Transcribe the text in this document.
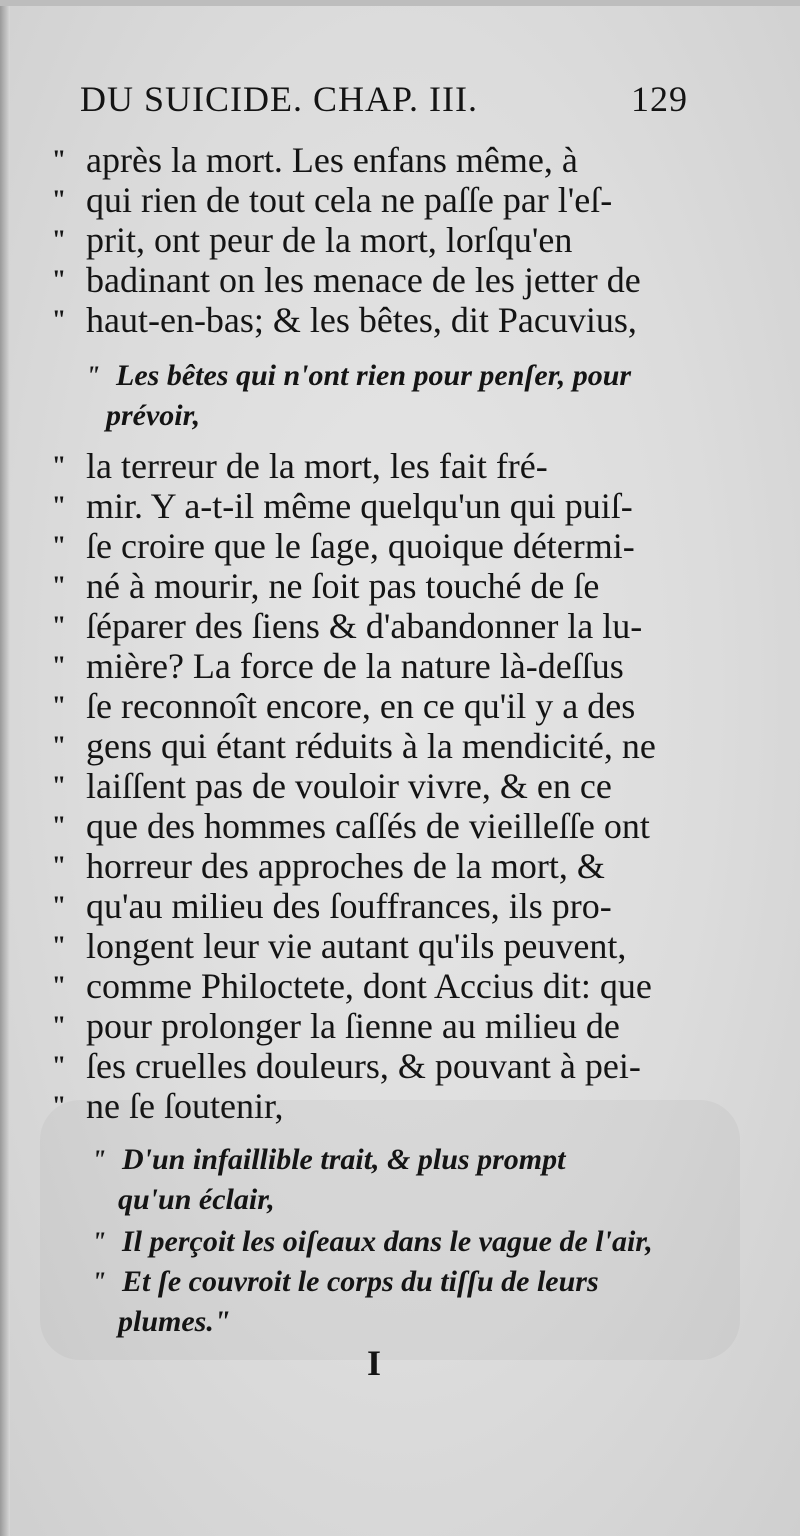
DU SUICIDE. CHAP. III.	129
" après la mort. Les enfans même, à
" qui rien de tout cela ne paſſe par l'eſ-
" prit, ont peur de la mort, lorſqu'en
" badinant on les menace de les jetter de
" haut-en-bas; & les bêtes, dit Pacuvius,
" Les bêtes qui n'ont rien pour penſer, pour
prévoir,
" la terreur de la mort, les fait fré-
" mir. Y a-t-il même quelqu'un qui puiſ-
" ſe croire que le ſage, quoique détermi-
" né à mourir, ne ſoit pas touché de ſe
" ſéparer des ſiens & d'abandonner la lu-
" mière? La force de la nature là-deſſus
" ſe reconnoît encore, en ce qu'il y a des
" gens qui étant réduits à la mendicité, ne
" laiſſent pas de vouloir vivre, & en ce
" que des hommes caſſés de vieilleſſe ont
" horreur des approches de la mort, &
" qu'au milieu des ſouffrances, ils pro-
" longent leur vie autant qu'ils peuvent,
" comme Philoctete, dont Accius dit: que
" pour prolonger la ſienne au milieu de
" ſes cruelles douleurs, & pouvant à pei-
" ne ſe ſoutenir,
" D'un infaillible trait, & plus prompt
qu'un éclair,
" Il perçoit les oiſeaux dans le vague de l'air,
" Et ſe couvroit le corps du tiſſu de leurs
plumes."
I
